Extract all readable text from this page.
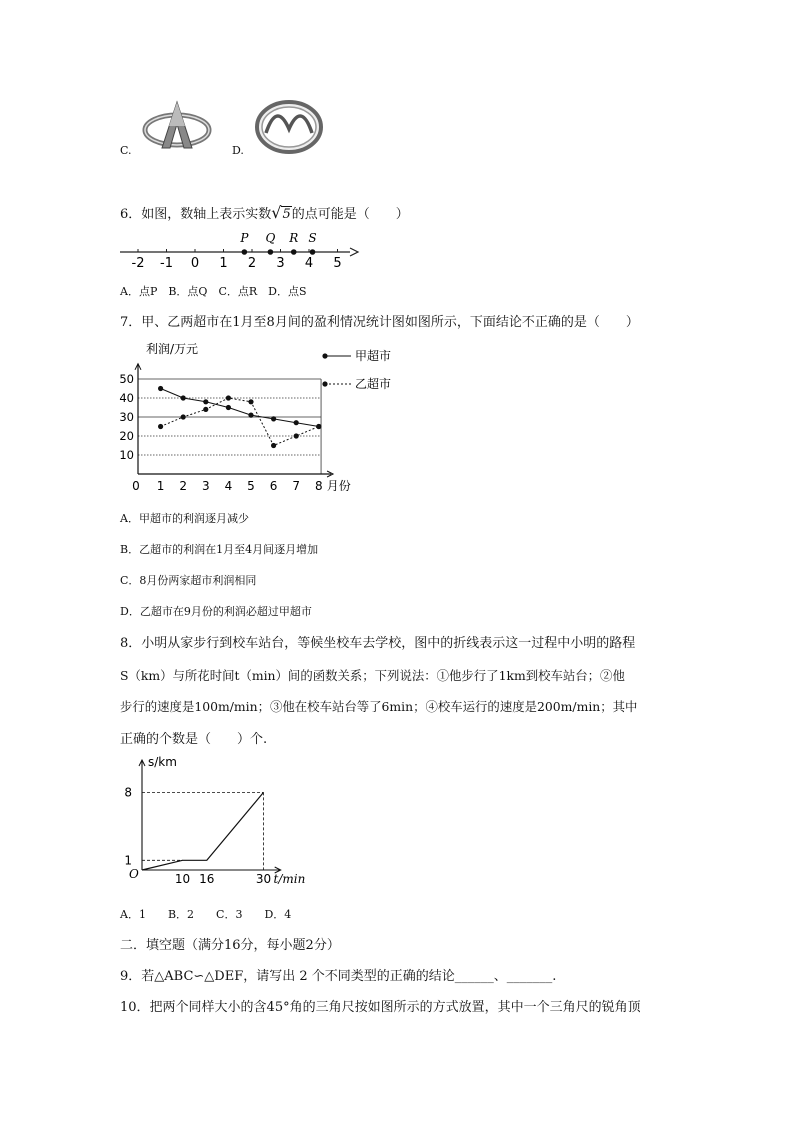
C.	D.
6．如图，数轴上表示实数√5的点可能是（　　）
-2 -1 0 1 2 3 4 5
P Q R S
A．点P　B．点Q　C．点R　D．点S
7．甲、乙两超市在1月至8月间的盈利情况统计图如图所示，下面结论不正确的是（　　）
10
20
30
40
50
0 1 2 3 4 5 6 7 8 月份
利润/万元	甲超市
乙超市
A．甲超市的利润逐月减少
B．乙超市的利润在1月至4月间逐月增加
C．8月份两家超市利润相同
D．乙超市在9月份的利润必超过甲超市
8．小明从家步行到校车站台，等候坐校车去学校，图中的折线表示这一过程中小明的路程
S（km）与所花时间t（min）间的函数关系；下列说法：①他步行了1km到校车站台；②他
步行的速度是100m/min；③他在校车站台等了6min；④校车运行的速度是200m/min；其中
正确的个数是（　　）个.
s/km
1
8
O	10 16	30 t/min
A．1　　B．2　　C．3　　D．4
二．填空题（满分16分，每小题2分）
9．若△ABC∽△DEF，请写出 2 个不同类型的正确的结论______、_______.
10．把两个同样大小的含45°角的三角尺按如图所示的方式放置，其中一个三角尺的锐角顶
